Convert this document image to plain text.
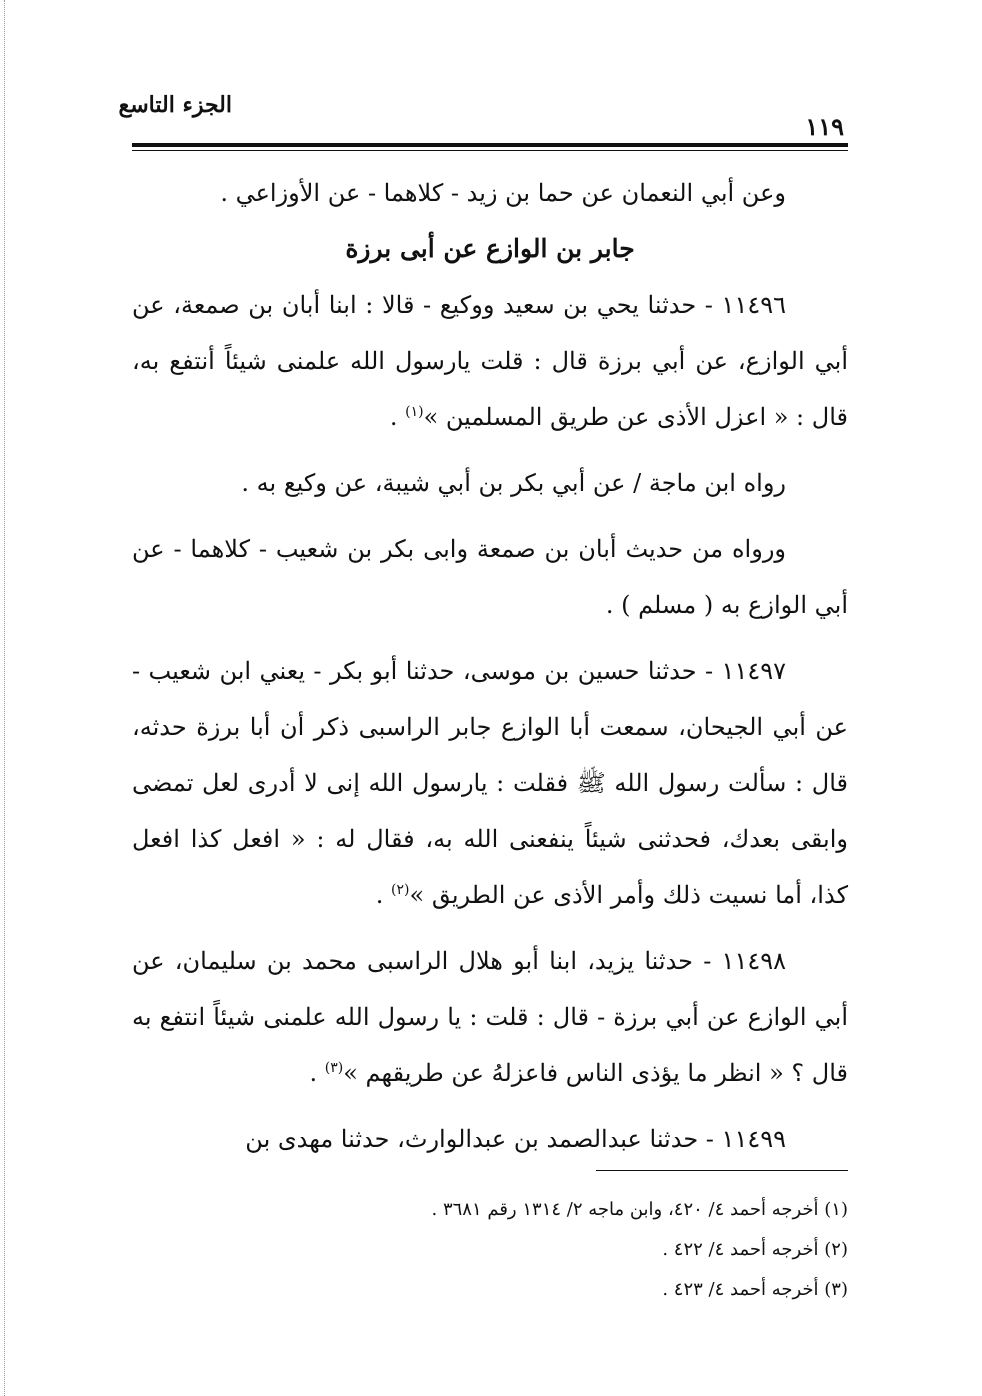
الجزء التاسع
١١٩

وعن أبي النعمان عن حما بن زيد - كلاهما - عن الأوزاعي .

جابر بن الوازع عن أبى برزة

١١٤٩٦ - حدثنا يحي بن سعيد ووكيع - قالا : ابنا أبان بن صمعة، عن أبي الوازع، عن أبي برزة قال : قلت يارسول الله علمنى شيئاً أنتفع به، قال : « اعزل الأذى عن طريق المسلمين »$^{(١)}$ .

رواه ابن ماجة / عن أبي بكر بن أبي شيبة، عن وكيع به .

ورواه من حديث أبان بن صمعة وابى بكر بن شعيب - كلاهما - عن أبي الوازع به ( مسلم ) .

١١٤٩٧ - حدثنا حسين بن موسى، حدثنا أبو بكر - يعني ابن شعيب - عن أبي الجيحان، سمعت أبا الوازع جابر الراسبى ذكر أن أبا برزة حدثه، قال : سألت رسول الله ﷺ فقلت : يارسول الله إنى لا أدرى لعل تمضى وابقى بعدك، فحدثنى شيئاً ينفعنى الله به، فقال له : « افعل كذا افعل كذا، أما نسيت ذلك وأمر الأذى عن الطريق »$^{(٢)}$ .

١١٤٩٨ - حدثنا يزيد، ابنا أبو هلال الراسبى محمد بن سليمان، عن أبي الوازع عن أبي برزة - قال : قلت : يا رسول الله علمنى شيئاً انتفع به قال ؟ « انظر ما يؤذى الناس فاعزلهُ عن طريقهم »$^{(٣)}$ .

١١٤٩٩ - حدثنا عبدالصمد بن عبدالوارث، حدثنا مهدى بن

(١) أخرجه أحمد ٤/ ٤٢٠، وابن ماجه ٢/ ١٣١٤ رقم ٣٦٨١ .

(٢) أخرجه أحمد ٤/ ٤٢٢ .

(٣) أخرجه أحمد ٤/ ٤٢٣ .
